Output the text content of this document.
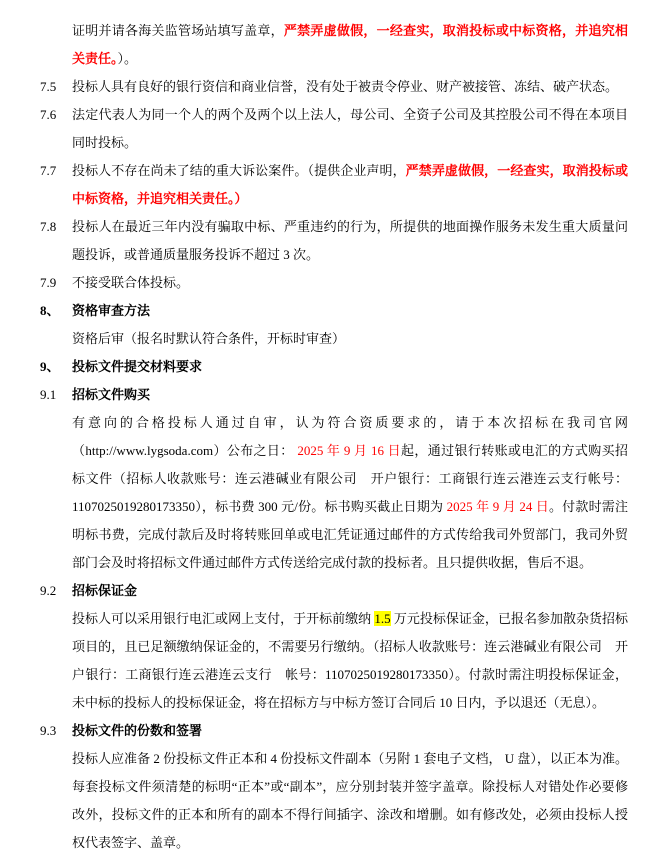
证明并请各海关监管场站填写盖章，严禁弄虚做假，一经查实，取消投标或中标资格，并追究相关责任。）。
7.5 投标人具有良好的银行资信和商业信誉，没有处于被责令停业、财产被接管、冻结、破产状态。
7.6 法定代表人为同一个人的两个及两个以上法人，母公司、全资子公司及其控股公司不得在本项目同时投标。
7.7 投标人不存在尚未了结的重大诉讼案件。（提供企业声明，严禁弄虚做假，一经查实，取消投标或中标资格，并追究相关责任。）
7.8 投标人在最近三年内没有骗取中标、严重违约的行为，所提供的地面操作服务未发生重大质量问题投诉，或普通质量服务投诉不超过 3 次。
7.9 不接受联合体投标。
8、 资格审查方法
资格后审（报名时默认符合条件，开标时审查）
9、 投标文件提交材料要求
9.1 招标文件购买
有意向的合格投标人通过自审，认为符合资质要求的，请于本次招标在我司官网（http://www.lygsoda.com）公布之日： 2025 年 9 月 16 日起，通过银行转账或电汇的方式购买招标文件（招标人收款账号：连云港碱业有限公司　开户银行：工商银行连云港连云支行帐号：1107025019280173350），标书费 300 元/份。标书购买截止日期为 2025 年 9 月 24 日。付款时需注明标书费，完成付款后及时将转账回单或电汇凭证通过邮件的方式传给我司外贸部门，我司外贸部门会及时将招标文件通过邮件方式传送给完成付款的投标者。且只提供收据，售后不退。
9.2 招标保证金
投标人可以采用银行电汇或网上支付，于开标前缴纳 1.5 万元投标保证金，已报名参加散杂货招标项目的，且已足额缴纳保证金的，不需要另行缴纳。（招标人收款账号：连云港碱业有限公司　开户银行：工商银行连云港连云支行　帐号：1107025019280173350）。付款时需注明投标保证金，未中标的投标人的投标保证金，将在招标方与中标方签订合同后 10 日内，予以退还（无息）。
9.3 投标文件的份数和签署
投标人应准备 2 份投标文件正本和 4 份投标文件副本（另附 1 套电子文档， U 盘），以正本为准。每套投标文件须清楚的标明“正本”或“副本”，应分别封装并签字盖章。除投标人对错处作必要修改外，投标文件的正本和所有的副本不得行间插字、涂改和增删。如有修改处，必须由投标人授权代表签字、盖章。
